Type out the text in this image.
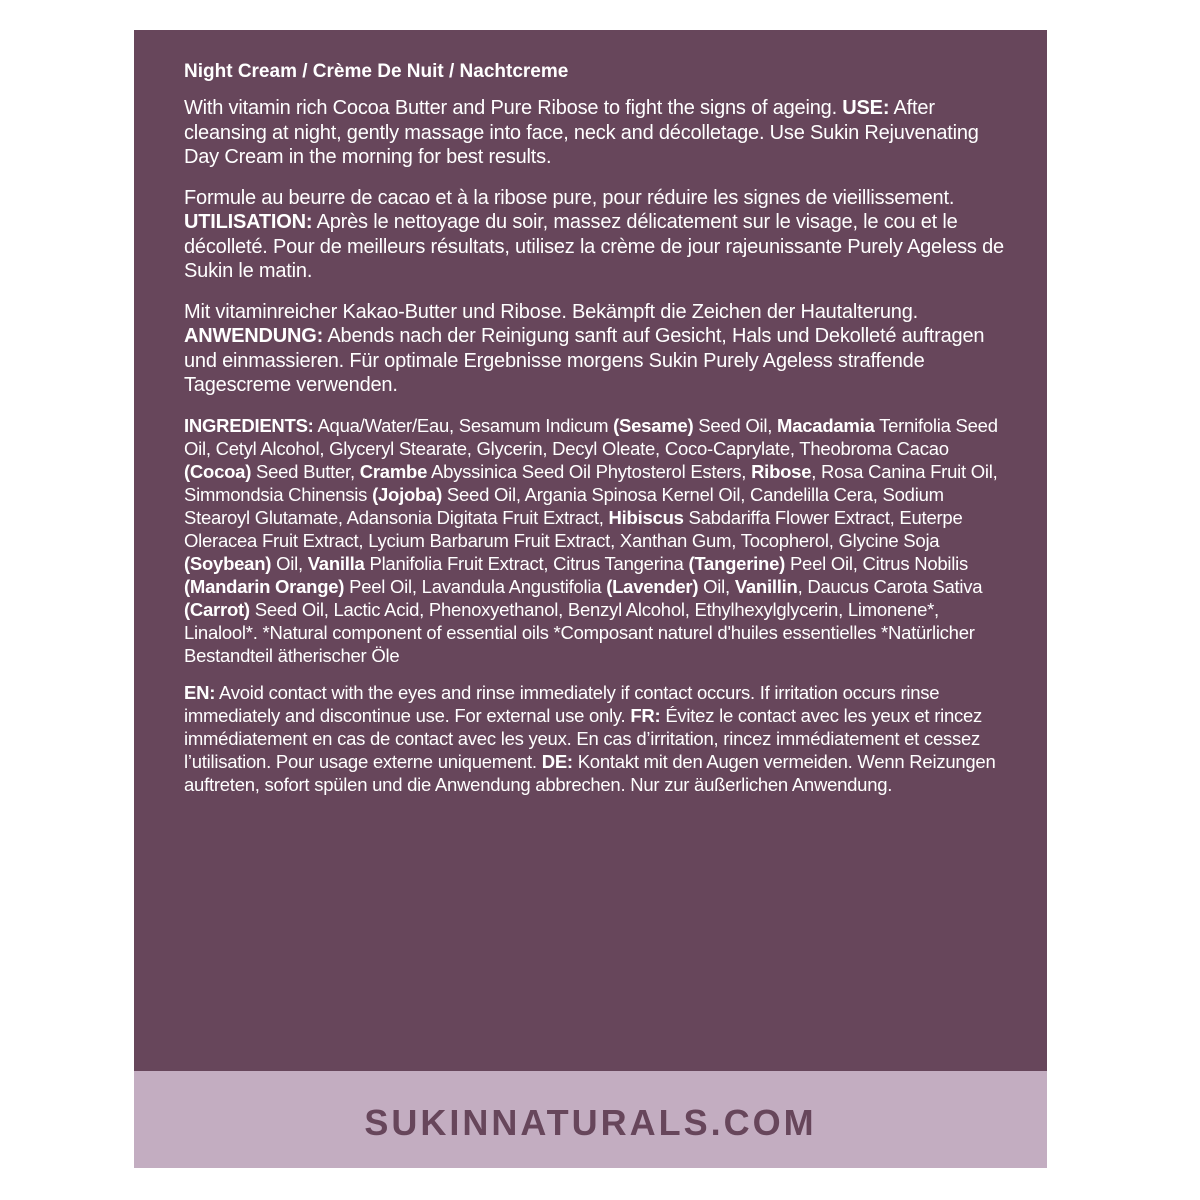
Night Cream / Crème De Nuit / Nachtcreme

With vitamin rich Cocoa Butter and Pure Ribose to fight the signs of ageing. USE: After cleansing at night, gently massage into face, neck and décolletage. Use Sukin Rejuvenating Day Cream in the morning for best results.

Formule au beurre de cacao et à la ribose pure, pour réduire les signes de vieillissement. UTILISATION: Après le nettoyage du soir, massez délicatement sur le visage, le cou et le décolleté. Pour de meilleurs résultats, utilisez la crème de jour rajeunissante Purely Ageless de Sukin le matin.

Mit vitaminreicher Kakao-Butter und Ribose. Bekämpft die Zeichen der Hautalterung. ANWENDUNG: Abends nach der Reinigung sanft auf Gesicht, Hals und Dekolleté auftragen und einmassieren. Für optimale Ergebnisse morgens Sukin Purely Ageless straffende Tagescreme verwenden.

INGREDIENTS: Aqua/Water/Eau, Sesamum Indicum (Sesame) Seed Oil, Macadamia Ternifolia Seed Oil, Cetyl Alcohol, Glyceryl Stearate, Glycerin, Decyl Oleate, Coco-Caprylate, Theobroma Cacao (Cocoa) Seed Butter, Crambe Abyssinica Seed Oil Phytosterol Esters, Ribose, Rosa Canina Fruit Oil, Simmondsia Chinensis (Jojoba) Seed Oil, Argania Spinosa Kernel Oil, Candelilla Cera, Sodium Stearoyl Glutamate, Adansonia Digitata Fruit Extract, Hibiscus Sabdariffa Flower Extract, Euterpe Oleracea Fruit Extract, Lycium Barbarum Fruit Extract, Xanthan Gum, Tocopherol, Glycine Soja (Soybean) Oil, Vanilla Planifolia Fruit Extract, Citrus Tangerina (Tangerine) Peel Oil, Citrus Nobilis (Mandarin Orange) Peel Oil, Lavandula Angustifolia (Lavender) Oil, Vanillin, Daucus Carota Sativa (Carrot) Seed Oil, Lactic Acid, Phenoxyethanol, Benzyl Alcohol, Ethylhexylglycerin, Limonene*, Linalool*. *Natural component of essential oils *Composant naturel d'huiles essentielles *Natürlicher Bestandteil ätherischer Öle

EN: Avoid contact with the eyes and rinse immediately if contact occurs. If irritation occurs rinse immediately and discontinue use. For external use only. FR: Évitez le contact avec les yeux et rincez immédiatement en cas de contact avec les yeux. En cas d’irritation, rincez immédiatement et cessez l’utilisation. Pour usage externe uniquement. DE: Kontakt mit den Augen vermeiden. Wenn Reizungen auftreten, sofort spülen und die Anwendung abbrechen. Nur zur äußerlichen Anwendung.

SUKINNATURALS.COM
